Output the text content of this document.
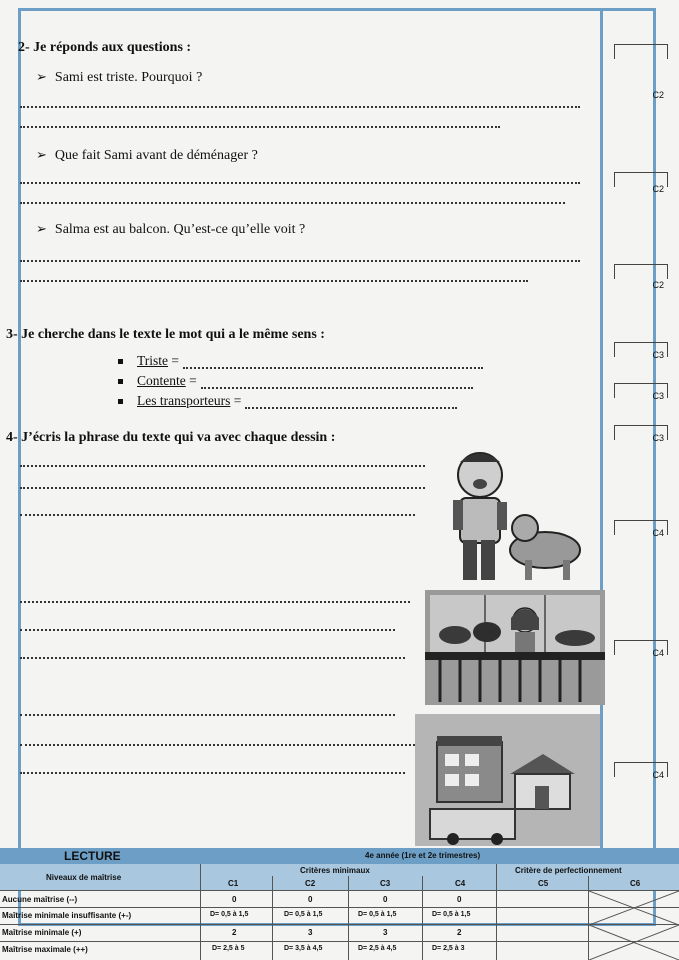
2- Je réponds aux questions :
➢ Sami est triste. Pourquoi ?
➢ Que fait Sami avant de déménager ?
➢ Salma est au balcon. Qu’est-ce qu’elle voit ?
3- Je cherche dans le texte le mot qui a le même sens :
Triste =
Contente =
Les transporteurs =
4- J’écris la phrase du texte qui va avec chaque dessin :
C2
C2
C2
C3
C3
C3
C4
C4
C4
LECTURE	4e année (1re et 2e trimestres)
Niveaux de maîtrise
Critères minimaux	Critère de perfectionnement
C1	C2	C3	C4	C5	C6
Aucune maîtrise (--)	0	0	0	0
Maîtrise minimale insuffisante (+-)	D= 0,5 à 1,5	D= 0,5 à 1,5	D= 0,5 à 1,5	D= 0,5 à 1,5
Maîtrise minimale (+)	2	3	3	2
Maîtrise maximale (++)	D= 2,5 à 5	D= 3,5 à 4,5	D= 2,5 à 4,5	D= 2,5 à 3
